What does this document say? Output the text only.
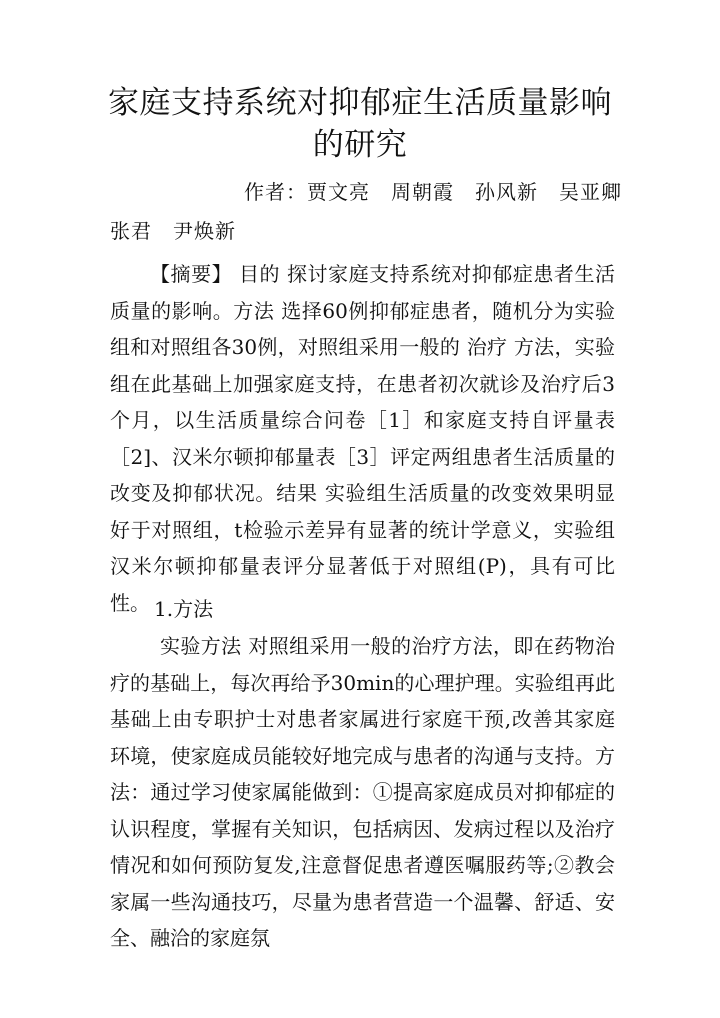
家庭支持系统对抑郁症生活质量影响的研究
作者：贾文亮　周朝霞　孙风新　吴亚卿
张君　尹焕新

【摘要】 目的 探讨家庭支持系统对抑郁症患者生活质量的影响。方法 选择60例抑郁症患者，随机分为实验组和对照组各30例，对照组采用一般的 治疗 方法，实验组在此基础上加强家庭支持，在患者初次就诊及治疗后3个月，以生活质量综合问卷［1］和家庭支持自评量表［2]、汉米尔顿抑郁量表［3］评定两组患者生活质量的改变及抑郁状况。结果 实验组生活质量的改变效果明显好于对照组，t检验示差异有显著的统计学意义，实验组汉米尔顿抑郁量表评分显著低于对照组(P)，具有可比性。 1.方法

实验方法 对照组采用一般的治疗方法，即在药物治疗的基础上，每次再给予30min的心理护理。实验组再此基础上由专职护士对患者家属进行家庭干预,改善其家庭环境，使家庭成员能较好地完成与患者的沟通与支持。方法：通过学习使家属能做到：①提高家庭成员对抑郁症的认识程度，掌握有关知识，包括病因、发病过程以及治疗情况和如何预防复发,注意督促患者遵医嘱服药等;②教会家属一些沟通技巧，尽量为患者营造一个温馨、舒适、安全、融洽的家庭氛
